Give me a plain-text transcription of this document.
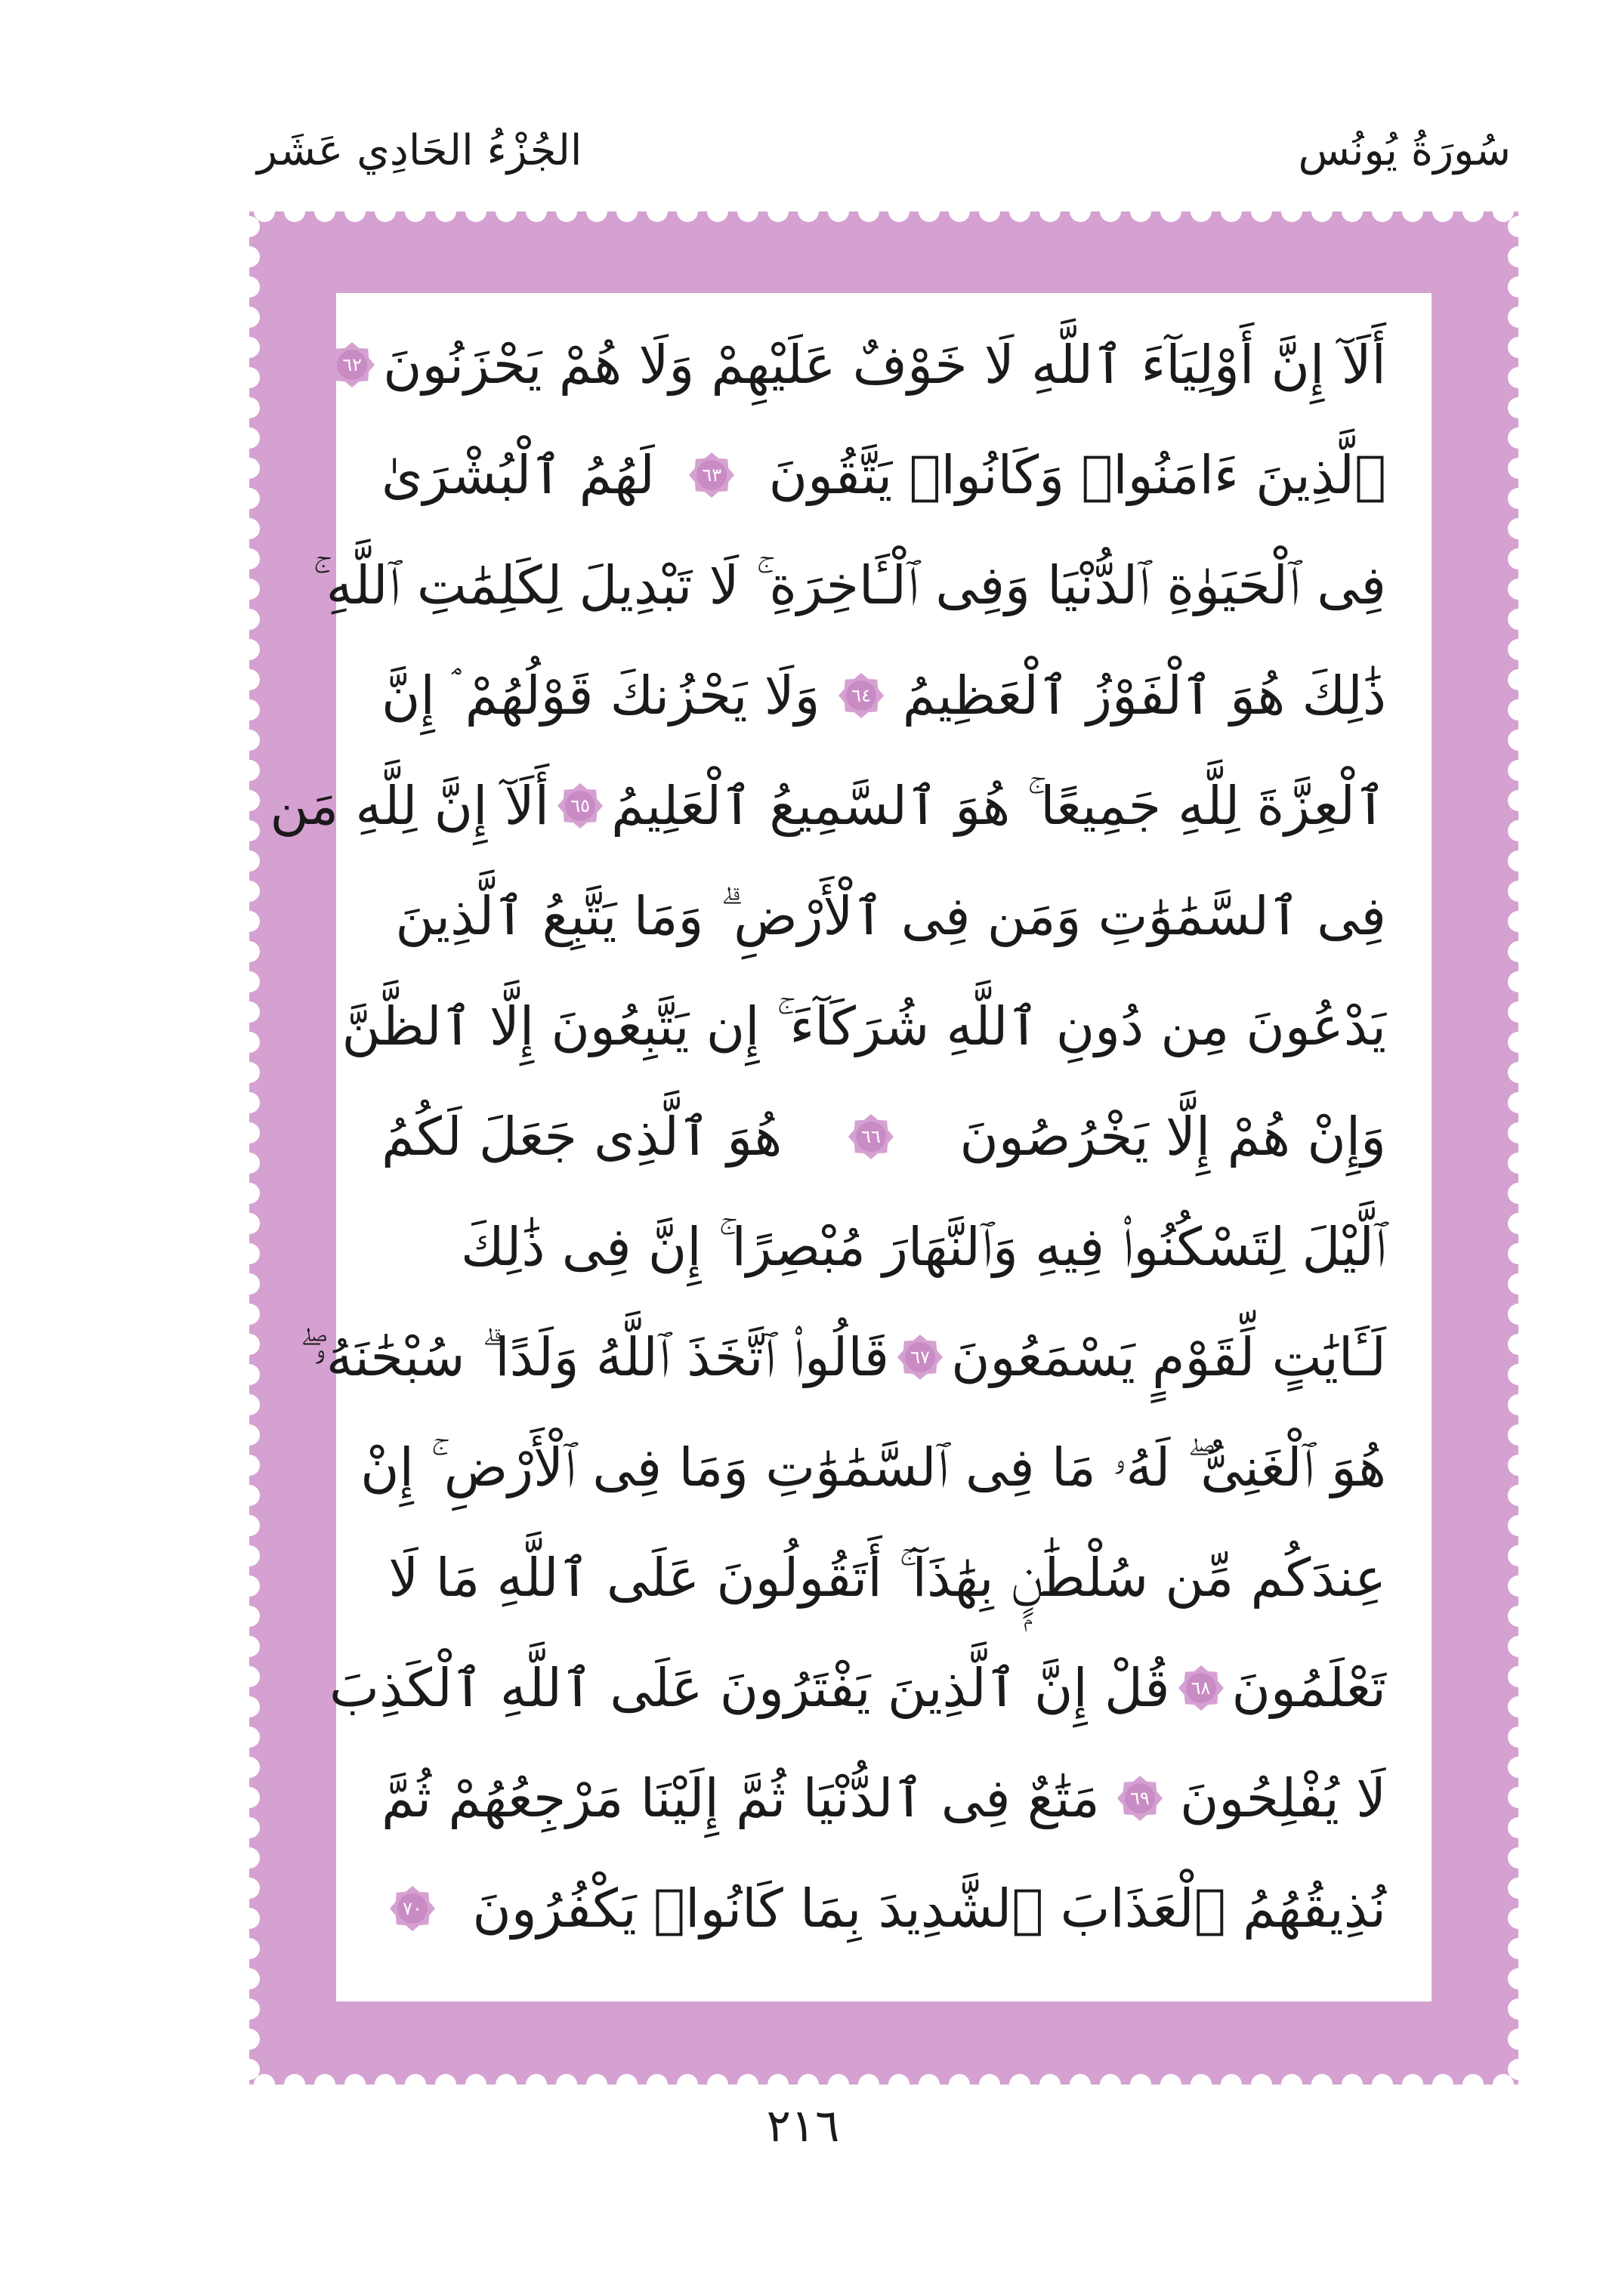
سُورَةُ يُونُس
الجُزْءُ الحَادِي عَشَر
أَلَآ إِنَّ أَوْلِيَآءَ ٱللَّهِ لَا خَوْفٌ عَلَيْهِمْ وَلَا هُمْ يَحْزَنُونَ
٦٢
ٱلَّذِينَ ءَامَنُوا۟ وَكَانُوا۟ يَتَّقُونَ
٦٣
لَهُمُ ٱلْبُشْرَىٰ
فِى ٱلْحَيَوٰةِ ٱلدُّنْيَا وَفِى ٱلْـَٔاخِرَةِ ۚ لَا تَبْدِيلَ لِكَلِمَٰتِ ٱللَّهِ ۚ
ذَٰلِكَ هُوَ ٱلْفَوْزُ ٱلْعَظِيمُ
٦٤
وَلَا يَحْزُنكَ قَوْلُهُمْ ۘ إِنَّ
ٱلْعِزَّةَ لِلَّهِ جَمِيعًا ۚ هُوَ ٱلسَّمِيعُ ٱلْعَلِيمُ
٦٥
أَلَآ إِنَّ لِلَّهِ مَن
فِى ٱلسَّمَٰوَٰتِ وَمَن فِى ٱلْأَرْضِ ۗ وَمَا يَتَّبِعُ ٱلَّذِينَ
يَدْعُونَ مِن دُونِ ٱللَّهِ شُرَكَآءَ ۚ إِن يَتَّبِعُونَ إِلَّا ٱلظَّنَّ
وَإِنْ هُمْ إِلَّا يَخْرُصُونَ
٦٦
هُوَ ٱلَّذِى جَعَلَ لَكُمُ
ٱلَّيْلَ لِتَسْكُنُوا۟ فِيهِ وَٱلنَّهَارَ مُبْصِرًا ۚ إِنَّ فِى ذَٰلِكَ
لَـَٔايَٰتٍ لِّقَوْمٍ يَسْمَعُونَ
٦٧
قَالُوا۟ ٱتَّخَذَ ٱللَّهُ وَلَدًا ۗ سُبْحَٰنَهُۥ ۖ
هُوَ ٱلْغَنِىُّ ۖ لَهُۥ مَا فِى ٱلسَّمَٰوَٰتِ وَمَا فِى ٱلْأَرْضِ ۚ إِنْ
عِندَكُم مِّن سُلْطَٰنٍۭ بِهَٰذَآ ۚ أَتَقُولُونَ عَلَى ٱللَّهِ مَا لَا
تَعْلَمُونَ
٦٨
قُلْ إِنَّ ٱلَّذِينَ يَفْتَرُونَ عَلَى ٱللَّهِ ٱلْكَذِبَ
لَا يُفْلِحُونَ
٦٩
مَتَٰعٌ فِى ٱلدُّنْيَا ثُمَّ إِلَيْنَا مَرْجِعُهُمْ ثُمَّ
نُذِيقُهُمُ ٱلْعَذَابَ ٱلشَّدِيدَ بِمَا كَانُوا۟ يَكْفُرُونَ
٧٠
٢١٦
